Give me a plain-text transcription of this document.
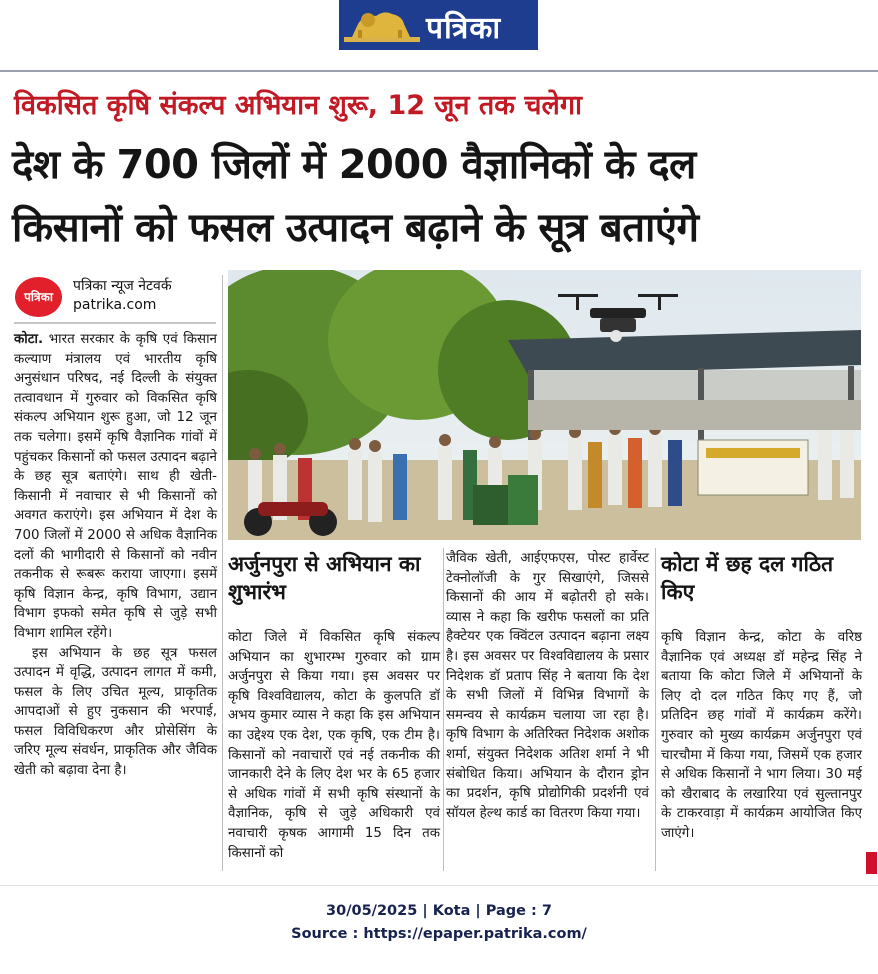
पत्रिका
विकसित कृषि संकल्प अभियान शुरू, 12 जून तक चलेगा
देश के 700 जिलों में 2000 वैज्ञानिकों के दल
किसानों को फसल उत्पादन बढ़ाने के सूत्र बताएंगे
पत्रिका
पत्रिका न्यूज नेटवर्क
patrika.com

कोटा. भारत सरकार के कृषि एवं किसान कल्याण मंत्रालय एवं भारतीय कृषि अनुसंधान परिषद, नई दिल्ली के संयुक्त तत्वावधान में गुरुवार को विकसित कृषि संकल्प अभियान शुरू हुआ, जो 12 जून तक चलेगा। इसमें कृषि वैज्ञानिक गांवों में पहुंचकर किसानों को फसल उत्पादन बढ़ाने के छह सूत्र बताएंगे। साथ ही खेती-किसानी में नवाचार से भी किसानों को अवगत कराएंगे। इस अभियान में देश के 700 जिलों में 2000 से अधिक वैज्ञानिक दलों की भागीदारी से किसानों को नवीन तकनीक से रूबरू कराया जाएगा। इसमें कृषि विज्ञान केन्द्र, कृषि विभाग, उद्यान विभाग इफको समेत कृषि से जुड़े सभी विभाग शामिल रहेंगे।

इस अभियान के छह सूत्र फसल उत्पादन में वृद्धि, उत्पादन लागत में कमी, फसल के लिए उचित मूल्य, प्राकृतिक आपदाओं से हुए नुकसान की भरपाई, फसल विविधिकरण और प्रोसेसिंग के जरिए मूल्य संवर्धन, प्राकृतिक और जैविक खेती को बढ़ावा देना है।

अर्जुनपुरा से अभियान का शुभारंभ

कोटा जिले में विकसित कृषि संकल्प अभियान का शुभारम्भ गुरुवार को ग्राम अर्जुनपुरा से किया गया। इस अवसर पर कृषि विश्वविद्यालय, कोटा के कुलपति डॉ अभय कुमार व्यास ने कहा कि इस अभियान का उद्देश्य एक देश, एक कृषि, एक टीम है। किसानों को नवाचारों एवं नई तकनीक की जानकारी देने के लिए देश भर के 65 हजार से अधिक गांवों में सभी कृषि संस्थानों के वैज्ञानिक, कृषि से जुड़े अधिकारी एवं नवाचारी कृषक आगामी 15 दिन तक किसानों को

जैविक खेती, आईएफएस, पोस्ट हार्वेस्ट टेक्नोलॉजी के गुर सिखाएंगे, जिससे किसानों की आय में बढ़ोतरी हो सके। व्यास ने कहा कि खरीफ फसलों का प्रति हैक्टेयर एक क्विंटल उत्पादन बढ़ाना लक्ष्य है। इस अवसर पर विश्वविद्यालय के प्रसार निदेशक डॉ प्रताप सिंह ने बताया कि देश के सभी जिलों में विभिन्न विभागों के समन्वय से कार्यक्रम चलाया जा रहा है। कृषि विभाग के अतिरिक्त निदेशक अशोक शर्मा, संयुक्त निदेशक अतिश शर्मा ने भी संबोधित किया। अभियान के दौरान ड्रोन का प्रदर्शन, कृषि प्रोद्योगिकी प्रदर्शनी एवं सॉयल हेल्थ कार्ड का वितरण किया गया।

कोटा में छह दल गठित किए

कृषि विज्ञान केन्द्र, कोटा के वरिष्ठ वैज्ञानिक एवं अध्यक्ष डॉ महेन्द्र सिंह ने बताया कि कोटा जिले में अभियानों के लिए दो दल गठित किए गए हैं, जो प्रतिदिन छह गांवों में कार्यक्रम करेंगे। गुरुवार को मुख्य कार्यक्रम अर्जुनपुरा एवं चारचौमा में किया गया, जिसमें एक हजार से अधिक किसानों ने भाग लिया। 30 मई को खैराबाद के लखारिया एवं सुल्तानपुर के टाकरवाड़ा में कार्यक्रम आयोजित किए जाएंगे।

30/05/2025 | Kota | Page : 7
Source : https://epaper.patrika.com/
